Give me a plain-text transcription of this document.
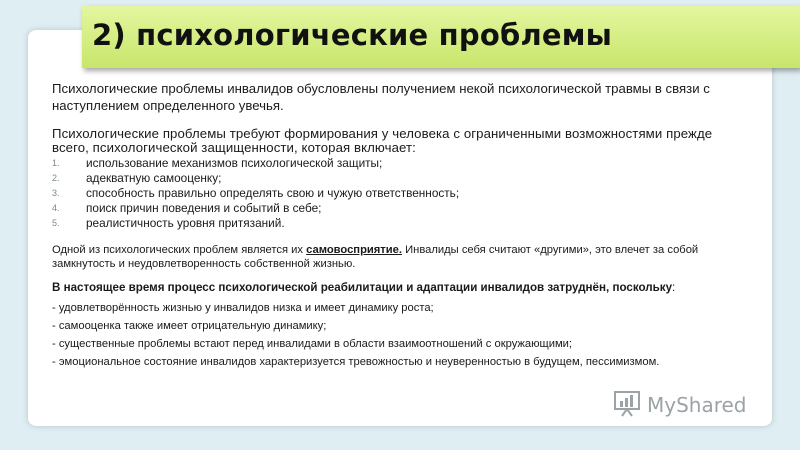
2) психологические проблемы

Психологические проблемы инвалидов обусловлены получением некой психологической травмы в связи с наступлением определенного увечья.

Психологические проблемы требуют формирования у человека с ограниченными возможностями прежде всего, психологической защищенности, которая включает:

1. использование механизмов психологической защиты;
2. адекватную самооценку;
3. способность правильно определять свою и чужую ответственность;
4. поиск причин поведения и событий в себе;
5. реалистичность уровня притязаний.

Одной из психологических проблем является их самовосприятие. Инвалиды себя считают «другими», это влечет за собой замкнутость и неудовлетворенность собственной жизнью.

В настоящее время процесс психологической реабилитации и адаптации инвалидов затруднён, поскольку:

- удовлетворённость жизнью у инвалидов низка и имеет динамику роста;
- самооценка также имеет отрицательную динамику;
- существенные проблемы встают перед инвалидами в области взаимоотношений с окружающими;
- эмоциональное состояние инвалидов характеризуется тревожностью и неуверенностью в будущем, пессимизмом.
MyShared
